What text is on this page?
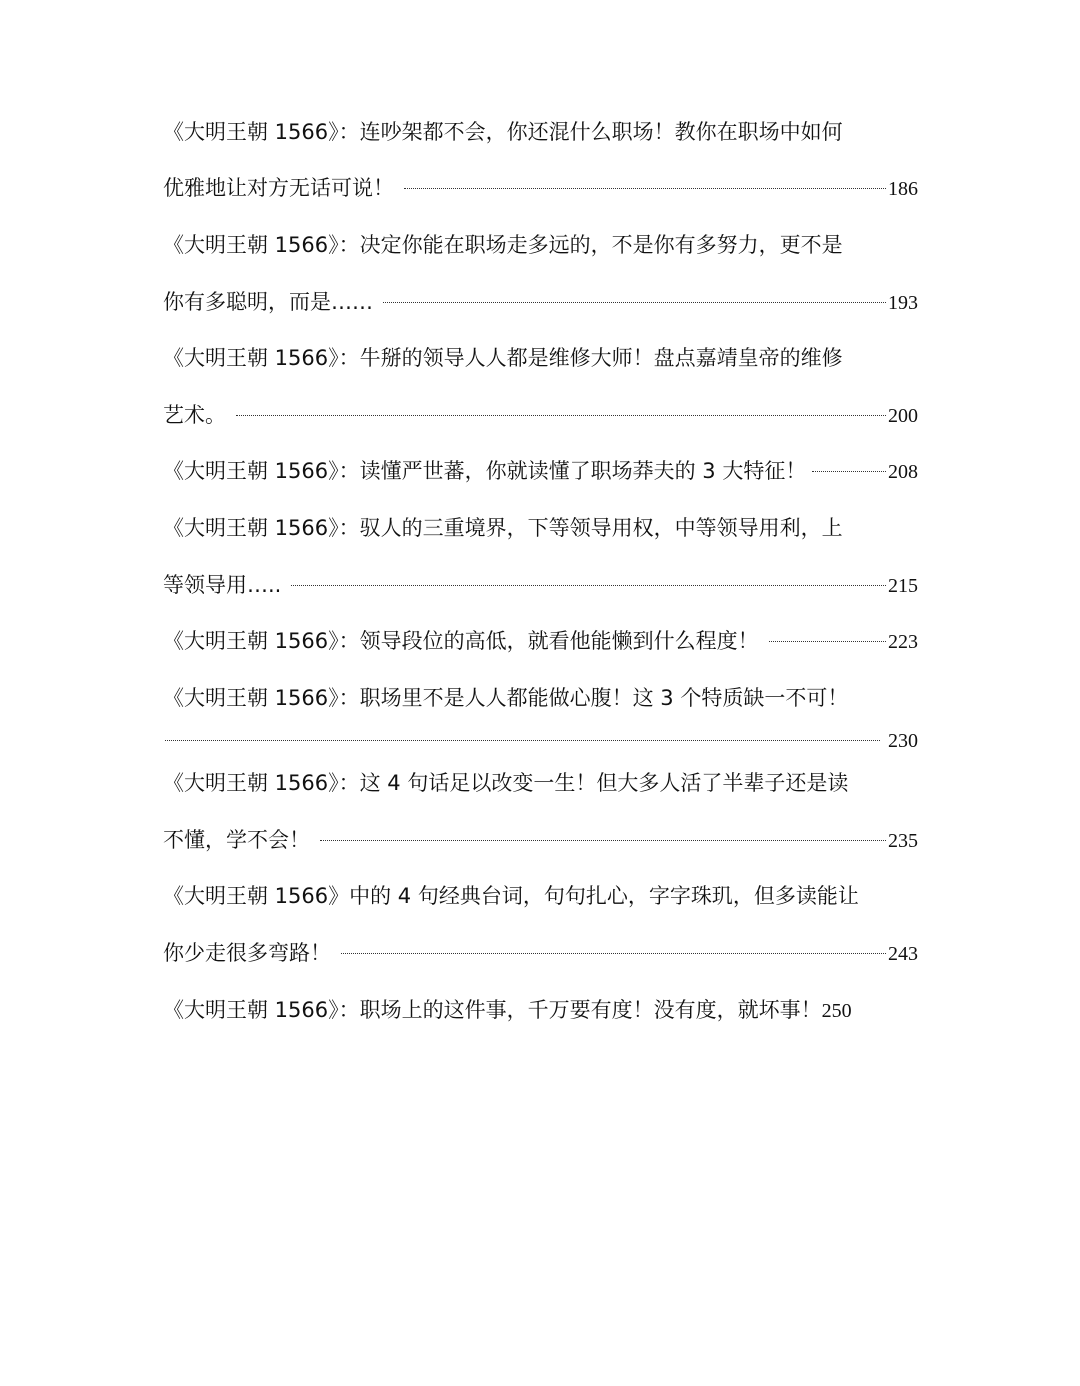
《大明王朝 1566》：连吵架都不会，你还混什么职场！教你在职场中如何
优雅地让对方无话可说！	186
《大明王朝 1566》：决定你能在职场走多远的，不是你有多努力，更不是
你有多聪明，而是……	193
《大明王朝 1566》：牛掰的领导人人都是维修大师！盘点嘉靖皇帝的维修
艺术。	200
《大明王朝 1566》：读懂严世蕃，你就读懂了职场莽夫的 3 大特征！	208
《大明王朝 1566》：驭人的三重境界，下等领导用权，中等领导用利，上
等领导用…..	215
《大明王朝 1566》：领导段位的高低，就看他能懒到什么程度！	223
《大明王朝 1566》：职场里不是人人都能做心腹！这 3 个特质缺一不可！
230
《大明王朝 1566》：这 4 句话足以改变一生！但大多人活了半辈子还是读
不懂，学不会！	235
《大明王朝 1566》中的 4 句经典台词，句句扎心，字字珠玑，但多读能让
你少走很多弯路！	243
《大明王朝 1566》：职场上的这件事，千万要有度！没有度，就坏事！250
